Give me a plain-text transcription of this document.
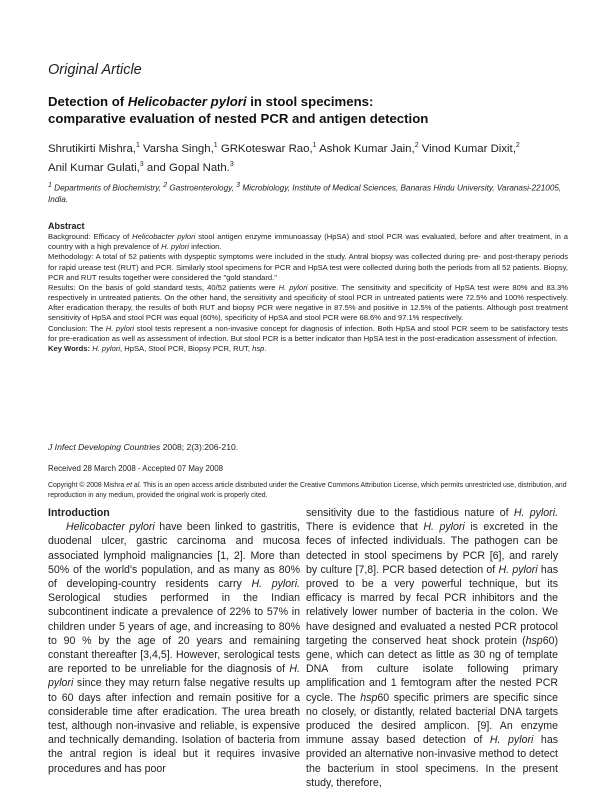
Original Article
Detection of Helicobacter pylori in stool specimens:
comparative evaluation of nested PCR and antigen detection
Shrutikirti Mishra,$^1$ Varsha Singh,$^1$ GRKoteswar Rao,$^1$ Ashok Kumar Jain,$^2$ Vinod Kumar Dixit,$^2$
Anil Kumar Gulati,$^3$ and Gopal Nath.$^3$
$^1$ Departments of Biochemistry, $^2$ Gastroenterology, $^3$ Microbiology, Institute of Medical Sciences, Banaras Hindu University, Varanasi-221005, India.
Abstract

Background: Efficacy of Helicobacter pylori stool antigen enzyme immunoassay (HpSA) and stool PCR was evaluated, before and after treatment, in a country with a high prevalence of H. pylori infection.

Methodology: A total of 52 patients with dyspeptic symptoms were included in the study. Antral biopsy was collected during pre- and post-therapy periods for rapid urease test (RUT) and PCR. Similarly stool specimens for PCR and HpSA test were collected during both the periods from all 52 patients. Biopsy, PCR and RUT results together were considered the "gold standard."

Results: On the basis of gold standard tests, 40/52 patients were H. pylori positive. The sensitivity and specificity of HpSA test were 80% and 83.3% respectively in untreated patients. On the other hand, the sensitivity and specificity of stool PCR in untreated patients were 72.5% and 100% respectively. After eradication therapy, the results of both RUT and biopsy PCR were negative in 87.5% and positive in 12.5% of the patients. Although post treatment sensitivity of HpSA and stool PCR was equal (60%), specificity of HpSA and stool PCR were 68.6% and 97.1% respectively.

Conclusion: The H. pylori stool tests represent a non-invasive concept for diagnosis of infection. Both HpSA and stool PCR seem to be satisfactory tests for pre-eradication as well as assessment of infection. But stool PCR is a better indicator than HpSA test in the post-eradication assessment of infection.

Key Words: H. pylori, HpSA, Stool PCR, Biopsy PCR, RUT, hsp.

J Infect Developing Countries 2008; 2(3):206-210.
Received 28 March 2008 - Accepted 07 May 2008
Copyright © 2008 Mishra et al. This is an open access article distributed under the Creative Commons Attribution License, which permits unrestricted use, distribution, and reproduction in any medium, provided the original work is properly cited.
Introduction

Helicobacter pylori have been linked to gastritis, duodenal ulcer, gastric carcinoma and mucosa associated lymphoid malignancies [1, 2]. More than 50% of the world's population, and as many as 80% of developing-country residents carry H. pylori. Serological studies performed in the Indian subcontinent indicate a prevalence of 22% to 57% in children under 5 years of age, and increasing to 80% to 90 % by the age of 20 years and remaining constant thereafter [3,4,5]. However, serological tests are reported to be unreliable for the diagnosis of H. pylori since they may return false negative results up to 60 days after infection and remain positive for a considerable time after eradication. The urea breath test, although non-invasive and reliable, is expensive and technically demanding. Isolation of bacteria from the antral region is ideal but it requires invasive procedures and has poor

sensitivity due to the fastidious nature of H. pylori. There is evidence that H. pylori is excreted in the feces of infected individuals. The pathogen can be detected in stool specimens by PCR [6], and rarely by culture [7,8]. PCR based detection of H. pylori has proved to be a very powerful technique, but its efficacy is marred by fecal PCR inhibitors and the relatively lower number of bacteria in the colon. We have designed and evaluated a nested PCR protocol targeting the conserved heat shock protein (hsp60) gene, which can detect as little as 30 ng of template DNA from culture isolate following primary amplification and 1 femtogram after the nested PCR cycle. The hsp60 specific primers are specific since no closely, or distantly, related bacterial DNA targets produced the desired amplicon. [9]. An enzyme immune assay based detection of H. pylori has provided an alternative non-invasive method to detect the bacterium in stool specimens. In the present study, therefore,
